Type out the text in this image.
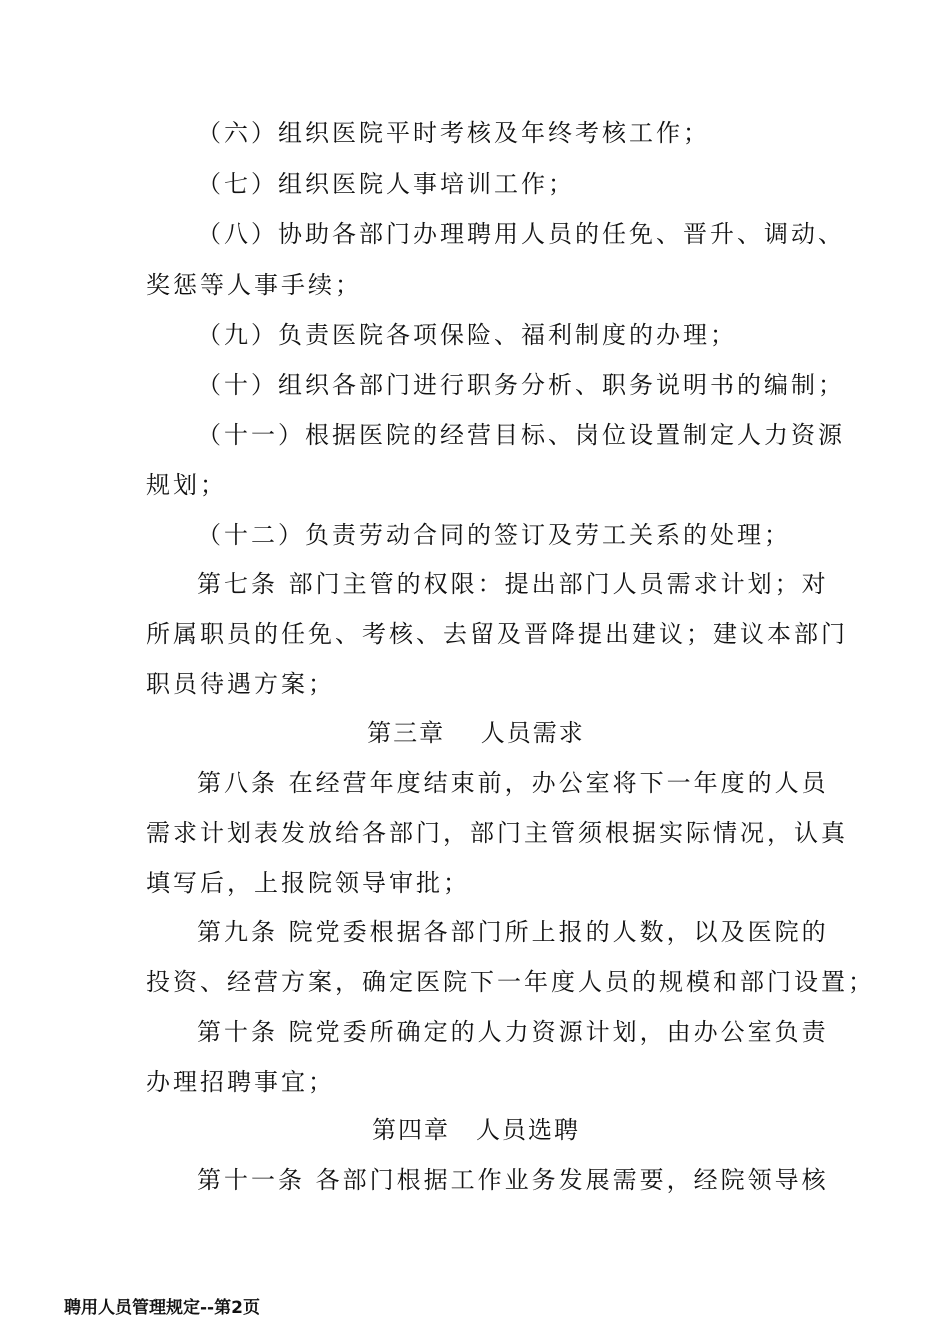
（六）组织医院平时考核及年终考核工作；
（七）组织医院人事培训工作；
（八）协助各部门办理聘用人员的任免、晋升、调动、
奖惩等人事手续；
（九）负责医院各项保险、福利制度的办理；
（十）组织各部门进行职务分析、职务说明书的编制；
（十一）根据医院的经营目标、岗位设置制定人力资源
规划；
（十二）负责劳动合同的签订及劳工关系的处理；
第七条 部门主管的权限：提出部门人员需求计划；对
所属职员的任免、考核、去留及晋降提出建议；建议本部门
职员待遇方案；
第三章　 人员需求
第八条 在经营年度结束前，办公室将下一年度的人员
需求计划表发放给各部门，部门主管须根据实际情况，认真
填写后，上报院领导审批；
第九条 院党委根据各部门所上报的人数，以及医院的
投资、经营方案，确定医院下一年度人员的规模和部门设置；
第十条 院党委所确定的人力资源计划，由办公室负责
办理招聘事宜；
第四章　人员选聘
第十一条 各部门根据工作业务发展需要，经院领导核
聘用人员管理规定--第2页
